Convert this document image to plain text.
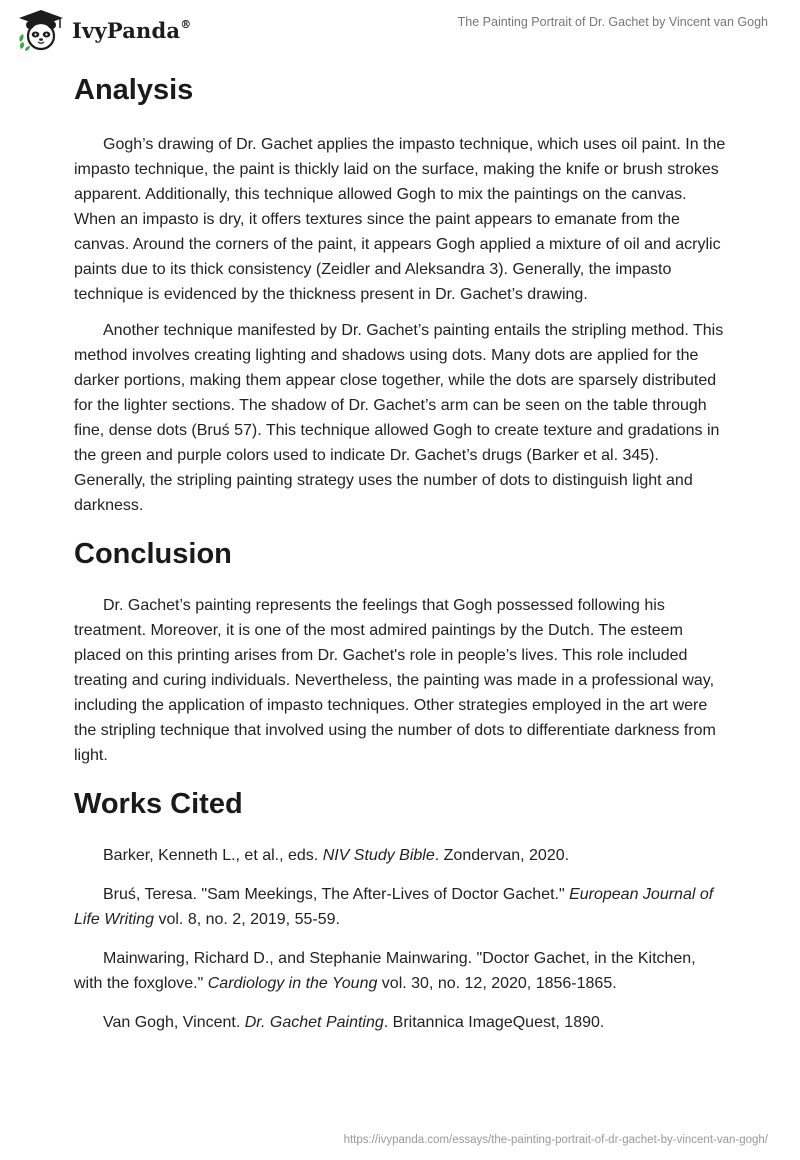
IvyPanda®	The Painting Portrait of Dr. Gachet by Vincent van Gogh
Analysis

Gogh’s drawing of Dr. Gachet applies the impasto technique, which uses oil paint. In the impasto technique, the paint is thickly laid on the surface, making the knife or brush strokes apparent. Additionally, this technique allowed Gogh to mix the paintings on the canvas. When an impasto is dry, it offers textures since the paint appears to emanate from the canvas. Around the corners of the paint, it appears Gogh applied a mixture of oil and acrylic paints due to its thick consistency (Zeidler and Aleksandra 3). Generally, the impasto technique is evidenced by the thickness present in Dr. Gachet’s drawing.

Another technique manifested by Dr. Gachet’s painting entails the stripling method. This method involves creating lighting and shadows using dots. Many dots are applied for the darker portions, making them appear close together, while the dots are sparsely distributed for the lighter sections. The shadow of Dr. Gachet’s arm can be seen on the table through fine, dense dots (Bruś 57). This technique allowed Gogh to create texture and gradations in the green and purple colors used to indicate Dr. Gachet’s drugs (Barker et al. 345). Generally, the stripling painting strategy uses the number of dots to distinguish light and darkness.

Conclusion

Dr. Gachet’s painting represents the feelings that Gogh possessed following his treatment. Moreover, it is one of the most admired paintings by the Dutch. The esteem placed on this printing arises from Dr. Gachet's role in people’s lives. This role included treating and curing individuals. Nevertheless, the painting was made in a professional way, including the application of impasto techniques. Other strategies employed in the art were the stripling technique that involved using the number of dots to differentiate darkness from light.

Works Cited

Barker, Kenneth L., et al., eds. NIV Study Bible. Zondervan, 2020.

Bruś, Teresa. "Sam Meekings, The After-Lives of Doctor Gachet." European Journal of Life Writing vol. 8, no. 2, 2019, 55-59.

Mainwaring, Richard D., and Stephanie Mainwaring. "Doctor Gachet, in the Kitchen, with the foxglove." Cardiology in the Young vol. 30, no. 12, 2020, 1856-1865.

Van Gogh, Vincent. Dr. Gachet Painting. Britannica ImageQuest, 1890.

https://ivypanda.com/essays/the-painting-portrait-of-dr-gachet-by-vincent-van-gogh/
